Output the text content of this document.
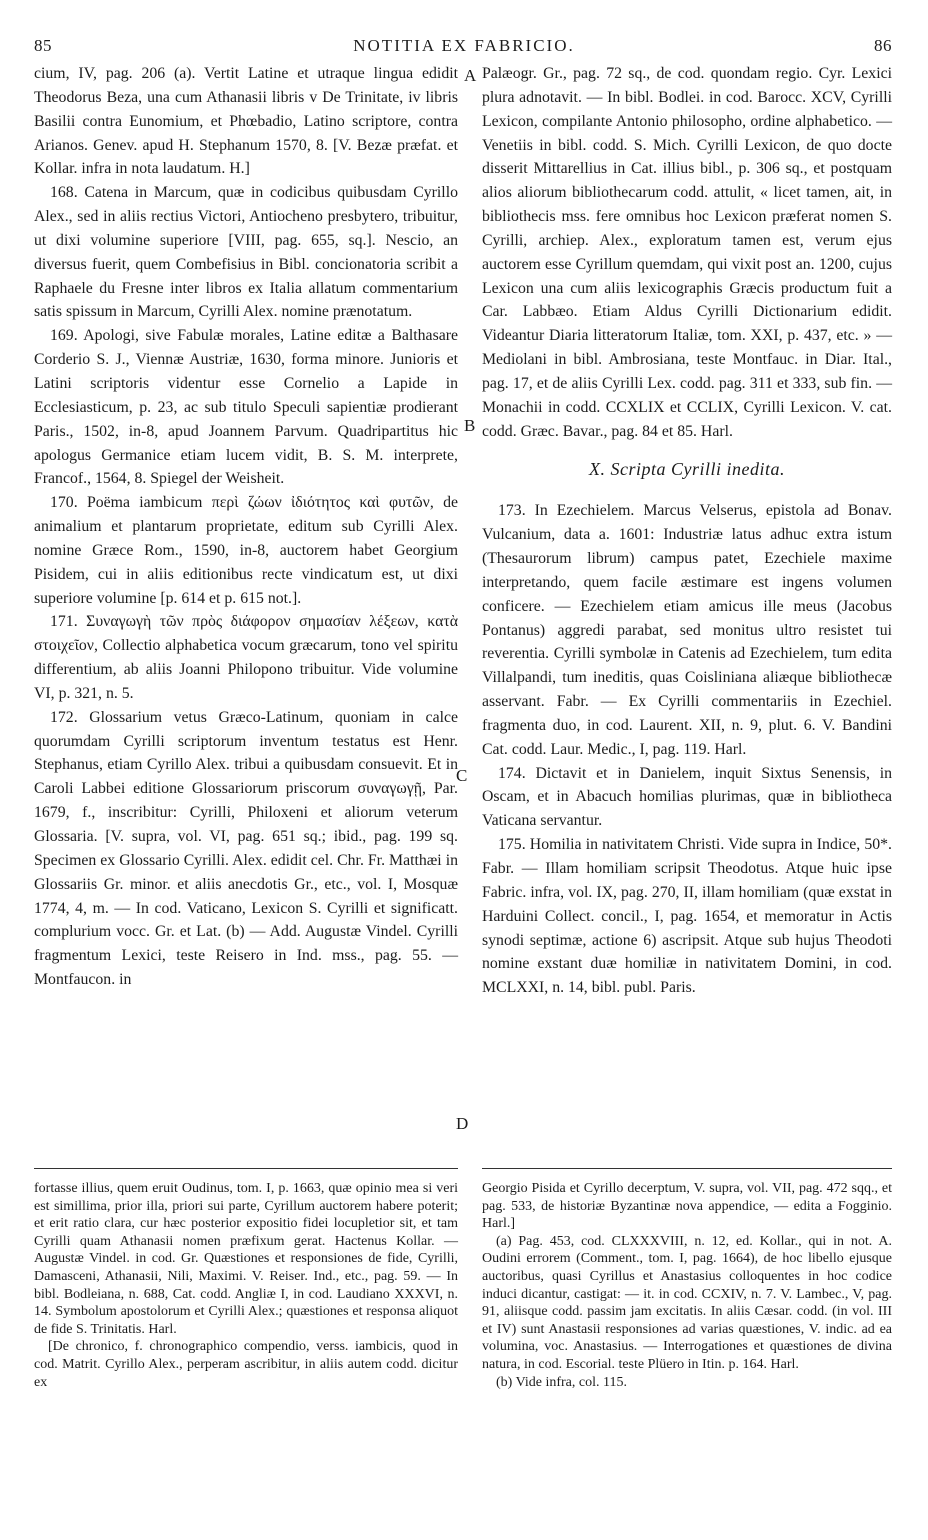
85	NOTITIA EX FABRICIO.	86
A
B
C
D

cium, IV, pag. 206 (a). Vertit Latine et utraque lingua edidit Theodorus Beza, una cum Athanasii libris v De Trinitate, iv libris Basilii contra Eunomium, et Phœbadio, Latino scriptore, contra Arianos. Genev. apud H. Stephanum 1570, 8. [V. Bezæ præfat. et Kollar. infra in nota laudatum. H.]

168. Catena in Marcum, quæ in codicibus quibusdam Cyrillo Alex., sed in aliis rectius Victori, Antiocheno presbytero, tribuitur, ut dixi volumine superiore [VIII, pag. 655, sq.]. Nescio, an diversus fuerit, quem Combefisius in Bibl. concionatoria scribit a Raphaele du Fresne inter libros ex Italia allatum commentarium satis spissum in Marcum, Cyrilli Alex. nomine prænotatum.

169. Apologi, sive Fabulæ morales, Latine editæ a Balthasare Corderio S. J., Viennæ Austriæ, 1630, forma minore. Junioris et Latini scriptoris videntur esse Cornelio a Lapide in Ecclesiasticum, p. 23, ac sub titulo Speculi sapientiæ prodierant Paris., 1502, in-8, apud Joannem Parvum. Quadripartitus hic apologus Germanice etiam lucem vidit, B. S. M. interprete, Francof., 1564, 8. Spiegel der Weisheit.

170. Poëma iambicum περὶ ζώων ἰδιότητος καὶ φυτῶν, de animalium et plantarum proprietate, editum sub Cyrilli Alex. nomine Græce Rom., 1590, in-8, auctorem habet Georgium Pisidem, cui in aliis editionibus recte vindicatum est, ut dixi superiore volumine [p. 614 et p. 615 not.].

171. Συναγωγὴ τῶν πρὸς διάφορον σημασίαν λέξεων, κατὰ στοιχεῖον, Collectio alphabetica vocum græcarum, tono vel spiritu differentium, ab aliis Joanni Philopono tribuitur. Vide volumine VI, p. 321, n. 5.

172. Glossarium vetus Græco-Latinum, quoniam in calce quorumdam Cyrilli scriptorum inventum testatus est Henr. Stephanus, etiam Cyrillo Alex. tribui a quibusdam consuevit. Et in Caroli Labbei editione Glossariorum priscorum συναγωγῇ, Par. 1679, f., inscribitur: Cyrilli, Philoxeni et aliorum veterum Glossaria. [V. supra, vol. VI, pag. 651 sq.; ibid., pag. 199 sq. Specimen ex Glossario Cyrilli. Alex. edidit cel. Chr. Fr. Matthæi in Glossariis Gr. minor. et aliis anecdotis Gr., etc., vol. I, Mosquæ 1774, 4, m. — In cod. Vaticano, Lexicon S. Cyrilli et significatt. complurium vocc. Gr. et Lat. (b) — Add. Augustæ Vindel. Cyrilli fragmentum Lexici, teste Reisero in Ind. mss., pag. 55. — Montfaucon. in

Palæogr. Gr., pag. 72 sq., de cod. quondam regio. Cyr. Lexici plura adnotavit. — In bibl. Bodlei. in cod. Barocc. XCV, Cyrilli Lexicon, compilante Antonio philosopho, ordine alphabetico. — Venetiis in bibl. codd. S. Mich. Cyrilli Lexicon, de quo docte disserit Mittarellius in Cat. illius bibl., p. 306 sq., et postquam alios aliorum bibliothecarum codd. attulit, « licet tamen, ait, in bibliothecis mss. fere omnibus hoc Lexicon præferat nomen S. Cyrilli, archiep. Alex., exploratum tamen est, verum ejus auctorem esse Cyrillum quemdam, qui vixit post an. 1200, cujus Lexicon una cum aliis lexicographis Græcis productum fuit a Car. Labbæo. Etiam Aldus Cyrilli Dictionarium edidit. Videantur Diaria litteratorum Italiæ, tom. XXI, p. 437, etc. » — Mediolani in bibl. Ambrosiana, teste Montfauc. in Diar. Ital., pag. 17, et de aliis Cyrilli Lex. codd. pag. 311 et 333, sub fin. — Monachii in codd. CCXLIX et CCLIX, Cyrilli Lexicon. V. cat. codd. Græc. Bavar., pag. 84 et 85. Harl.

X. Scripta Cyrilli inedita.

173. In Ezechielem. Marcus Velserus, epistola ad Bonav. Vulcanium, data a. 1601: Industriæ latus adhuc extra istum (Thesaurorum librum) campus patet, Ezechiele maxime interpretando, quem facile æstimare est ingens volumen conficere. — Ezechielem etiam amicus ille meus (Jacobus Pontanus) aggredi parabat, sed monitus ultro resistet tui reverentia. Cyrilli symbolæ in Catenis ad Ezechielem, tum edita Villalpandi, tum ineditis, quas Coisliniana aliæque bibliothecæ asservant. Fabr. — Ex Cyrilli commentariis in Ezechiel. fragmenta duo, in cod. Laurent. XII, n. 9, plut. 6. V. Bandini Cat. codd. Laur. Medic., I, pag. 119. Harl.

174. Dictavit et in Danielem, inquit Sixtus Senensis, in Oscam, et in Abacuch homilias plurimas, quæ in bibliotheca Vaticana servantur.

175. Homilia in nativitatem Christi. Vide supra in Indice, 50*. Fabr. — Illam homiliam scripsit Theodotus. Atque huic ipse Fabric. infra, vol. IX, pag. 270, II, illam homiliam (quæ exstat in Harduini Collect. concil., I, pag. 1654, et memoratur in Actis synodi septimæ, actione 6) ascripsit. Atque sub hujus Theodoti nomine exstant duæ homiliæ in nativitatem Domini, in cod. MCLXXI, n. 14, bibl. publ. Paris.

fortasse illius, quem eruit Oudinus, tom. I, p. 1663, quæ opinio mea si veri est simillima, prior illa, priori sui parte, Cyrillum auctorem habere poterit; et erit ratio clara, cur hæc posterior expositio fidei locupletior sit, et tam Cyrilli quam Athanasii nomen præfixum gerat. Hactenus Kollar. — Augustæ Vindel. in cod. Gr. Quæstiones et responsiones de fide, Cyrilli, Damasceni, Athanasii, Nili, Maximi. V. Reiser. Ind., etc., pag. 59. — In bibl. Bodleiana, n. 688, Cat. codd. Angliæ I, in cod. Laudiano XXXVI, n. 14. Symbolum apostolorum et Cyrilli Alex.; quæstiones et responsa aliquot de fide S. Trinitatis. Harl.

[De chronico, f. chronographico compendio, verss. iambicis, quod in cod. Matrit. Cyrillo Alex., perperam ascribitur, in aliis autem codd. dicitur ex

Georgio Pisida et Cyrillo decerptum, V. supra, vol. VII, pag. 472 sqq., et pag. 533, de historiæ Byzantinæ nova appendice, — edita a Fogginio. Harl.]

(a) Pag. 453, cod. CLXXXVIII, n. 12, ed. Kollar., qui in not. A. Oudini errorem (Comment., tom. I, pag. 1664), de hoc libello ejusque auctoribus, quasi Cyrillus et Anastasius colloquentes in hoc codice induci dicantur, castigat: — it. in cod. CCXIV, n. 7. V. Lambec., V, pag. 91, aliisque codd. passim jam excitatis. In aliis Cæsar. codd. (in vol. III et IV) sunt Anastasii responsiones ad varias quæstiones, V. indic. ad ea volumina, voc. Anastasius. — Interrogationes et quæstiones de divina natura, in cod. Escorial. teste Plüero in Itin. p. 164. Harl.

(b) Vide infra, col. 115.
